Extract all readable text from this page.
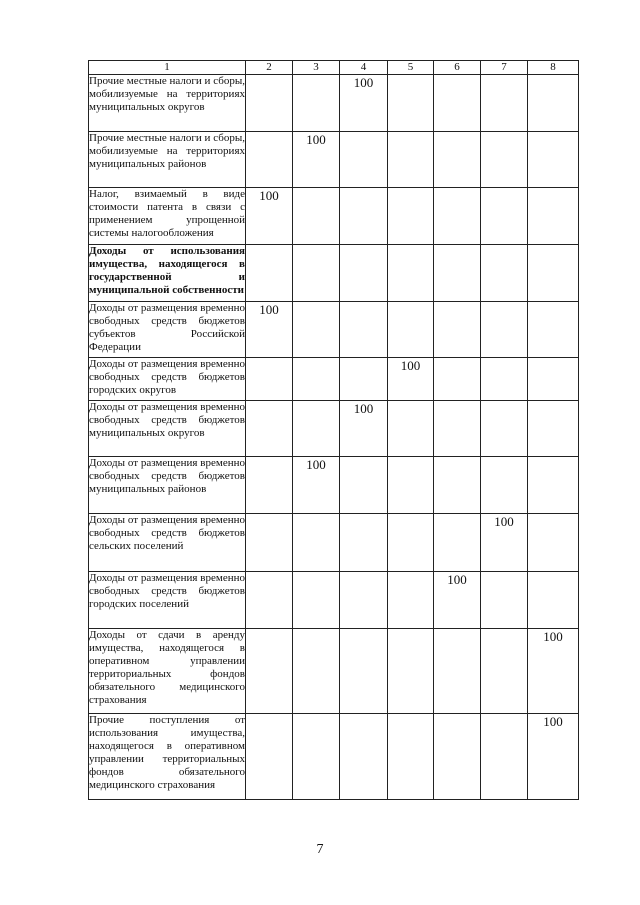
1	2	3	4	5	6	7	8
Прочие местные налоги и сборы, мобилизуемые на территориях муниципальных округов			100				
Прочие местные налоги и сборы, мобилизуемые на территориях муниципальных районов		100					
Налог, взимаемый в виде стоимости патента в связи с применением упрощенной системы налогообложения	100						
Доходы от использования имущества, находящегося в государственной и муниципальной собственности							
Доходы от размещения временно свободных средств бюджетов субъектов Российской Федерации	100						
Доходы от размещения временно свободных средств бюджетов городских округов				100			
Доходы от размещения временно свободных средств бюджетов муниципальных округов			100				
Доходы от размещения временно свободных средств бюджетов муниципальных районов		100					
Доходы от размещения временно свободных средств бюджетов сельских поселений						100	
Доходы от размещения временно свободных средств бюджетов городских поселений					100		
Доходы от сдачи в аренду имущества, находящегося в оперативном управлении территориальных фондов обязательного медицинского страхования							100
Прочие поступления от использования имущества, находящегося в оперативном управлении территориальных фондов обязательного медицинского страхования							100
7
